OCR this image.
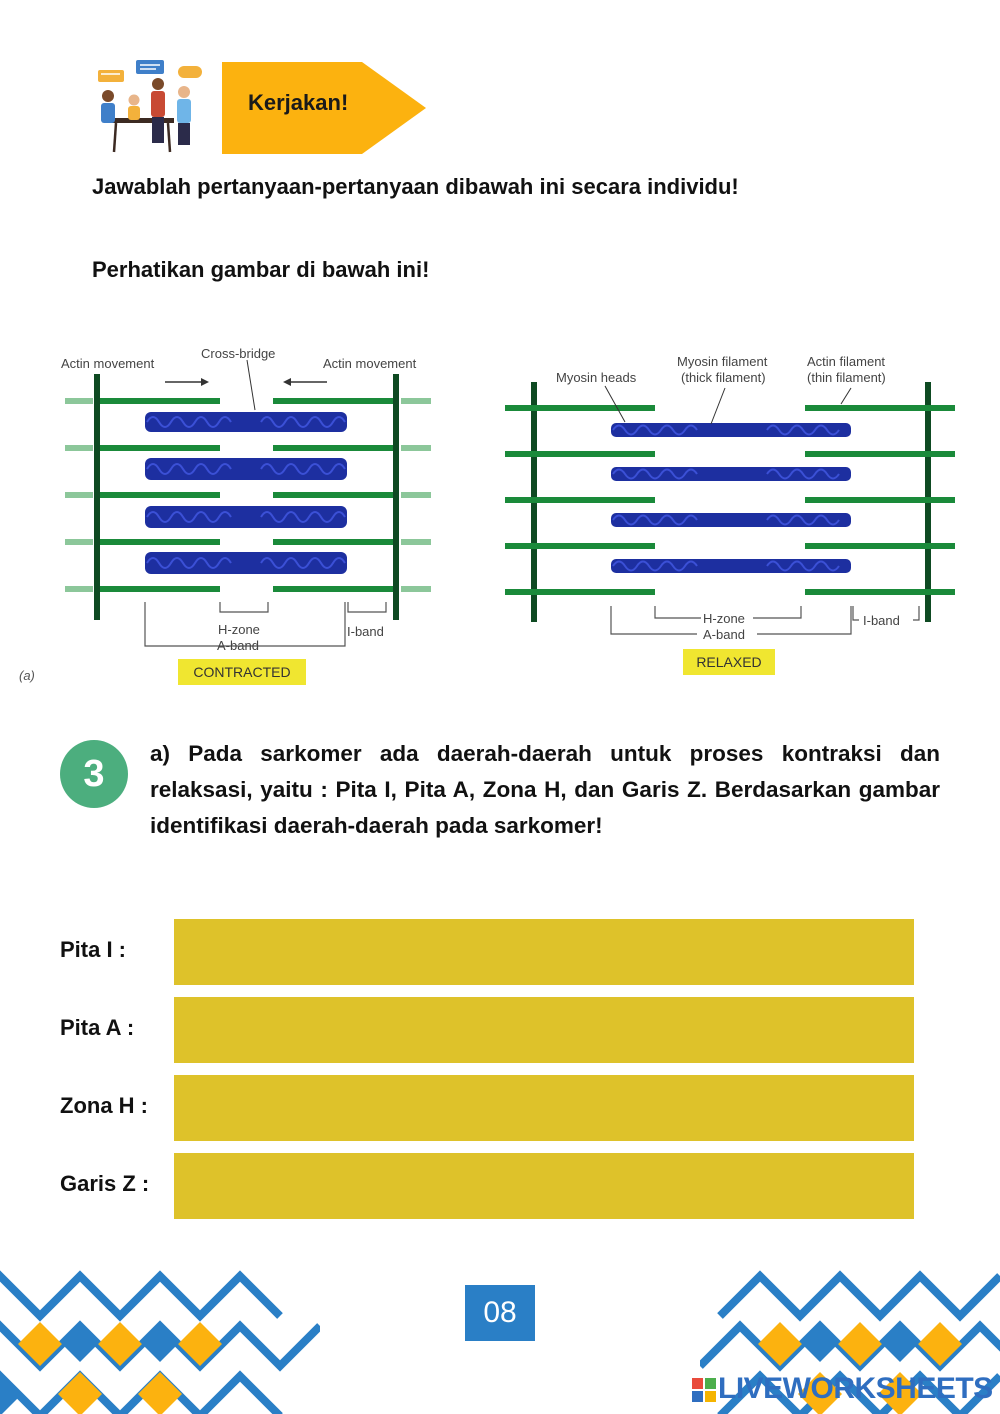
Kerjakan!
Jawablah pertanyaan-pertanyaan dibawah ini secara individu!
Perhatikan gambar di bawah ini!
Actin movement
Cross-bridge
Actin movement
H-zone
A-band
I-band
CONTRACTED
(a)
Myosin heads
Myosin filament
(thick filament)
Actin filament
(thin filament)
H-zone
A-band
I-band
RELAXED
3	a) Pada sarkomer ada daerah-daerah untuk proses kontraksi dan relaksasi, yaitu : Pita I, Pita A, Zona H, dan Garis Z. Berdasarkan gambar identifikasi daerah-daerah pada sarkomer!
Pita I :
Pita A :
Zona H :
Garis Z :
08
LIVEWORKSHEETS
